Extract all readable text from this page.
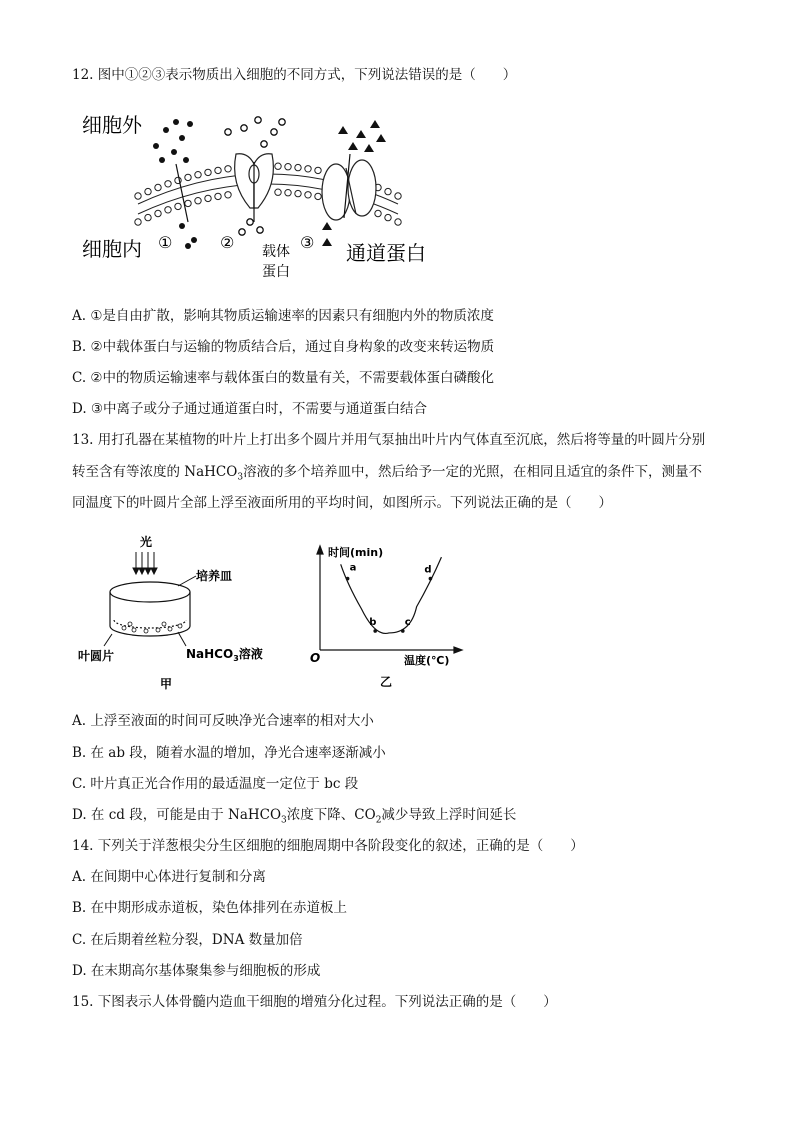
12. 图中①②③表示物质出入细胞的不同方式，下列说法错误的是（　　）
细胞外
细胞内 ①	②	③
载体
蛋白
通道蛋白
A. ①是自由扩散，影响其物质运输速率的因素只有细胞内外的物质浓度
B. ②中载体蛋白与运输的物质结合后，通过自身构象的改变来转运物质
C. ②中的物质运输速率与载体蛋白的数量有关，不需要载体蛋白磷酸化
D. ③中离子或分子通过通道蛋白时，不需要与通道蛋白结合
13. 用打孔器在某植物的叶片上打出多个圆片并用气泵抽出叶片内气体直至沉底，然后将等量的叶圆片分别
转至含有等浓度的 NaHCO$_3$溶液的多个培养皿中，然后给予一定的光照，在相同且适宜的条件下，测量不
同温度下的叶圆片全部上浮至液面所用的平均时间，如图所示。下列说法正确的是（　　）
光
培养皿
叶圆片	NaHCO$_3$溶液
甲
时间(min)
温度(℃)
O
a
b	c
d
乙
A. 上浮至液面的时间可反映净光合速率的相对大小
B. 在 ab 段，随着水温的增加，净光合速率逐渐减小
C. 叶片真正光合作用的最适温度一定位于 bc 段
D. 在 cd 段，可能是由于 NaHCO$_3$浓度下降、$CO_2$减少导致上浮时间延长
14. 下列关于洋葱根尖分生区细胞的细胞周期中各阶段变化的叙述，正确的是（　　）
A. 在间期中心体进行复制和分离
B. 在中期形成赤道板，染色体排列在赤道板上
C. 在后期着丝粒分裂，DNA 数量加倍
D. 在末期高尔基体聚集参与细胞板的形成
15. 下图表示人体骨髓内造血干细胞的增殖分化过程。下列说法正确的是（　　）
